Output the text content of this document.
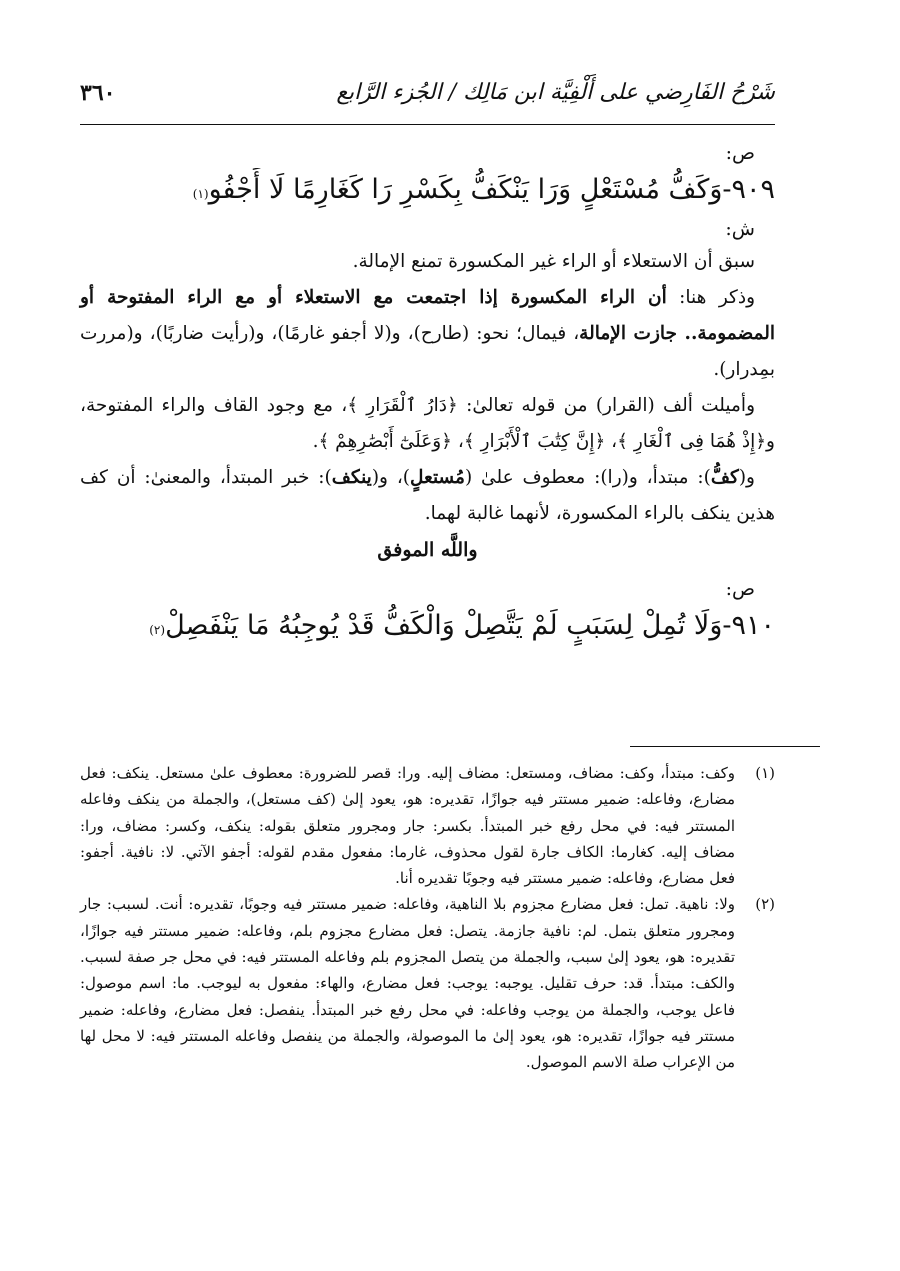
شَرْحُ الفَارِضي على أَلْفِيَّة ابن مَالِك / الجُزء الرَّابع
٣٦٠
ص:
٩٠٩-وَكَفُّ مُسْتَعْلٍ وَرَا يَنْكَفُّ بِكَسْرِ رَا كَغَارِمًا لَا أَجْفُو$^{(١)}$
ش:

سبق أن الاستعلاء أو الراء غير المكسورة تمنع الإمالة.

وذكر هنا: أن الراء المكسورة إذا اجتمعت مع الاستعلاء أو مع الراء المفتوحة أو المضمومة.. جازت الإمالة، فيمال؛ نحو: (طارح)، و(لا أجفو غارمًا)، و(رأيت ضاربًا)، و(مررت بمِدرار).

وأميلت ألف (القرار) من قوله تعالىٰ: ﴿دَارُ ٱلْقَرَارِ ﴾، مع وجود القاف والراء المفتوحة، و﴿إِذْ هُمَا فِى ٱلْغَارِ ﴾، ﴿إِنَّ كِتَٰبَ ٱلْأَبْرَارِ ﴾، ﴿وَعَلَىٰٓ أَبْصَٰرِهِمْ ﴾.

و(كفُّ): مبتدأ، و(را): معطوف علىٰ (مُستعلٍ)، و(ينكف): خبر المبتدأ، والمعنىٰ: أن كف هذين ينكف بالراء المكسورة، لأنهما غالبة لهما.

واللَّه الموفق
ص:
٩١٠-وَلَا تُمِلْ لِسَبَبٍ لَمْ يَتَّصِلْ وَالْكَفُّ قَدْ يُوجِبُهُ مَا يَنْفَصِلْ$^{(٢)}$
(١)
وكف: مبتدأ، وكف: مضاف، ومستعل: مضاف إليه. ورا: قصر للضرورة: معطوف علىٰ مستعل. ينكف: فعل مضارع، وفاعله: ضمير مستتر فيه جوازًا، تقديره: هو، يعود إلىٰ (كف مستعل)، والجملة من ينكف وفاعله المستتر فيه: في محل رفع خبر المبتدأ. بكسر: جار ومجرور متعلق بقوله: ينكف، وكسر: مضاف، ورا: مضاف إليه. كغارما: الكاف جارة لقول محذوف، غارما: مفعول مقدم لقوله: أجفو الآتي. لا: نافية. أجفو: فعل مضارع، وفاعله: ضمير مستتر فيه وجوبًا تقديره أنا.
(٢)
ولا: ناهية. تمل: فعل مضارع مجزوم بلا الناهية، وفاعله: ضمير مستتر فيه وجوبًا، تقديره: أنت. لسبب: جار ومجرور متعلق بتمل. لم: نافية جازمة. يتصل: فعل مضارع مجزوم بلم، وفاعله: ضمير مستتر فيه جوازًا، تقديره: هو، يعود إلىٰ سبب، والجملة من يتصل المجزوم بلم وفاعله المستتر فيه: في محل جر صفة لسبب. والكف: مبتدأ. قد: حرف تقليل. يوجبه: يوجب: فعل مضارع، والهاء: مفعول به ليوجب. ما: اسم موصول: فاعل يوجب، والجملة من يوجب وفاعله: في محل رفع خبر المبتدأ. ينفصل: فعل مضارع، وفاعله: ضمير مستتر فيه جوازًا، تقديره: هو، يعود إلىٰ ما الموصولة، والجملة من ينفصل وفاعله المستتر فيه: لا محل لها من الإعراب صلة الاسم الموصول.
